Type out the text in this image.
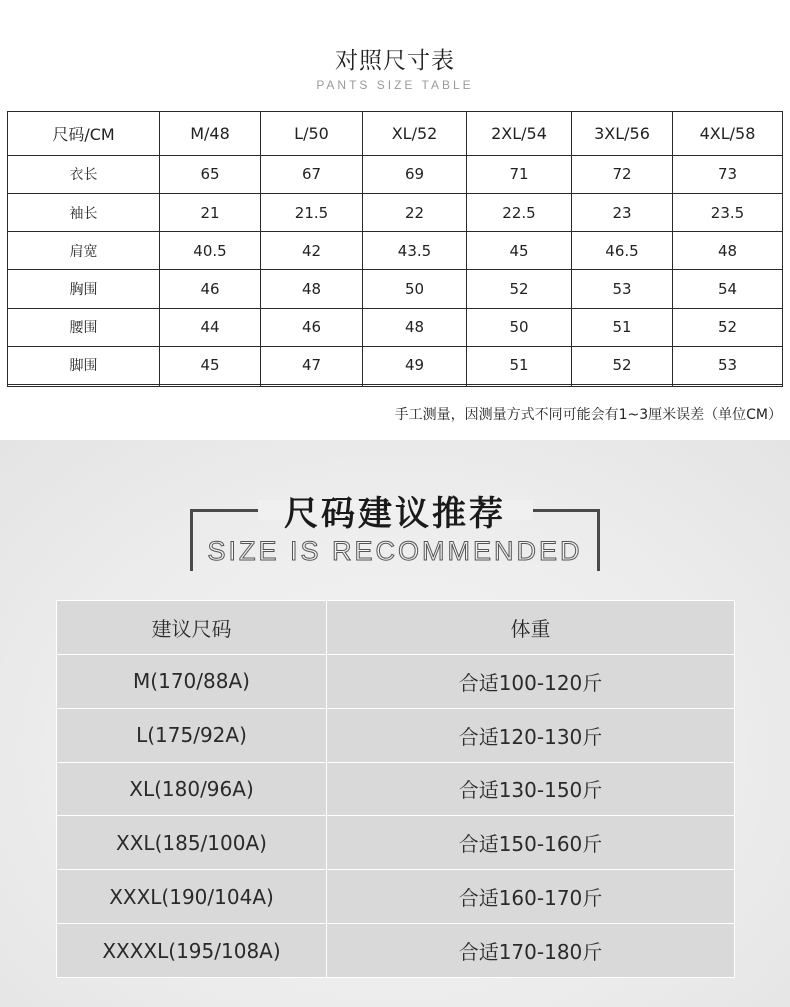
对照尺寸表
PANTS SIZE TABLE
尺码/CM	M/48	L/50	XL/52	2XL/54	3XL/56	4XL/58
衣长	65	67	69	71	72	73
袖长	21	21.5	22	22.5	23	23.5
肩宽	40.5	42	43.5	45	46.5	48
胸围	46	48	50	52	53	54
腰围	44	46	48	50	51	52
脚围	45	47	49	51	52	53

手工测量，因测量方式不同可能会有1~3厘米误差（单位CM）
尺码建议推荐
SIZE IS RECOMMENDED
建议尺码	体重
M(170/88A)	合适100-120斤
L(175/92A)	合适120-130斤
XL(180/96A)	合适130-150斤
XXL(185/100A)	合适150-160斤
XXXL(190/104A)	合适160-170斤
XXXXL(195/108A)	合适170-180斤
